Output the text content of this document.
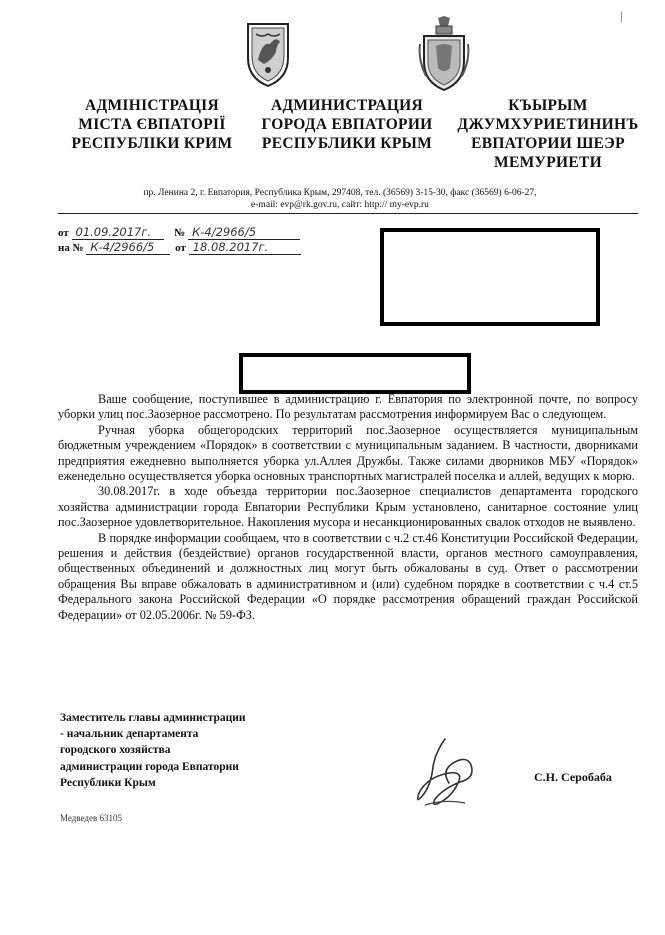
|
АДМІНІСТРАЦІЯ
МІСТА ЄВПАТОРІЇ
РЕСПУБЛІКИ КРИМ
АДМИНИСТРАЦИЯ
ГОРОДА ЕВПАТОРИИ
РЕСПУБЛИКИ КРЫМ
КЪЫРЫМ
ДЖУМХУРИЕТИНИНЪ
ЕВПАТОРИИ ШЕЭР
МЕМУРИЕТИ
пр. Ленина 2, г. Евпатория, Республика Крым, 297408, тел. (36569) 3-15-30, факс (36569) 6-06-27,
e-mail: evp@rk.gov.ru, сайт: http:// my-evp.ru
от 01.09.2017г. № К-4/2966/5
на № К-4/2966/5 от 18.08.2017г.

Ваше сообщение, поступившее в администрацию г. Евпатория по электронной почте, по вопросу уборки улиц пос.Заозерное рассмотрено. По результатам рассмотрения информируем Вас о следующем.

Ручная уборка общегородских территорий пос.Заозерное осуществляется муниципальным бюджетным учреждением «Порядок» в соответствии с муниципальным заданием. В частности, дворниками предприятия ежедневно выполняется уборка ул.Аллея Дружбы. Также силами дворников МБУ «Порядок» еженедельно осуществляется уборка основных транспортных магистралей поселка и аллей, ведущих к морю.

30.08.2017г. в ходе объезда территории пос.Заозерное специалистов департамента городского хозяйства администрации города Евпатории Республики Крым установлено, санитарное состояние улиц пос.Заозерное удовлетворительное. Накопления мусора и несанкционированных свалок отходов не выявлено.

В порядке информации сообщаем, что в соответствии с ч.2 ст.46 Конституции Российской Федерации, решения и действия (бездействие) органов государственной власти, органов местного самоуправления, общественных объединений и должностных лиц могут быть обжалованы в суд. Ответ о рассмотрении обращения Вы вправе обжаловать в административном и (или) судебном порядке в соответствии с ч.4 ст.5 Федерального закона Российской Федерации «О порядке рассмотрения обращений граждан Российской Федерации» от 02.05.2006г. № 59-ФЗ.

Заместитель главы администрации
- начальник департамента
городского хозяйства
администрации города Евпатории
Республики Крым	С.Н. Серобаба
Медведев 63105
